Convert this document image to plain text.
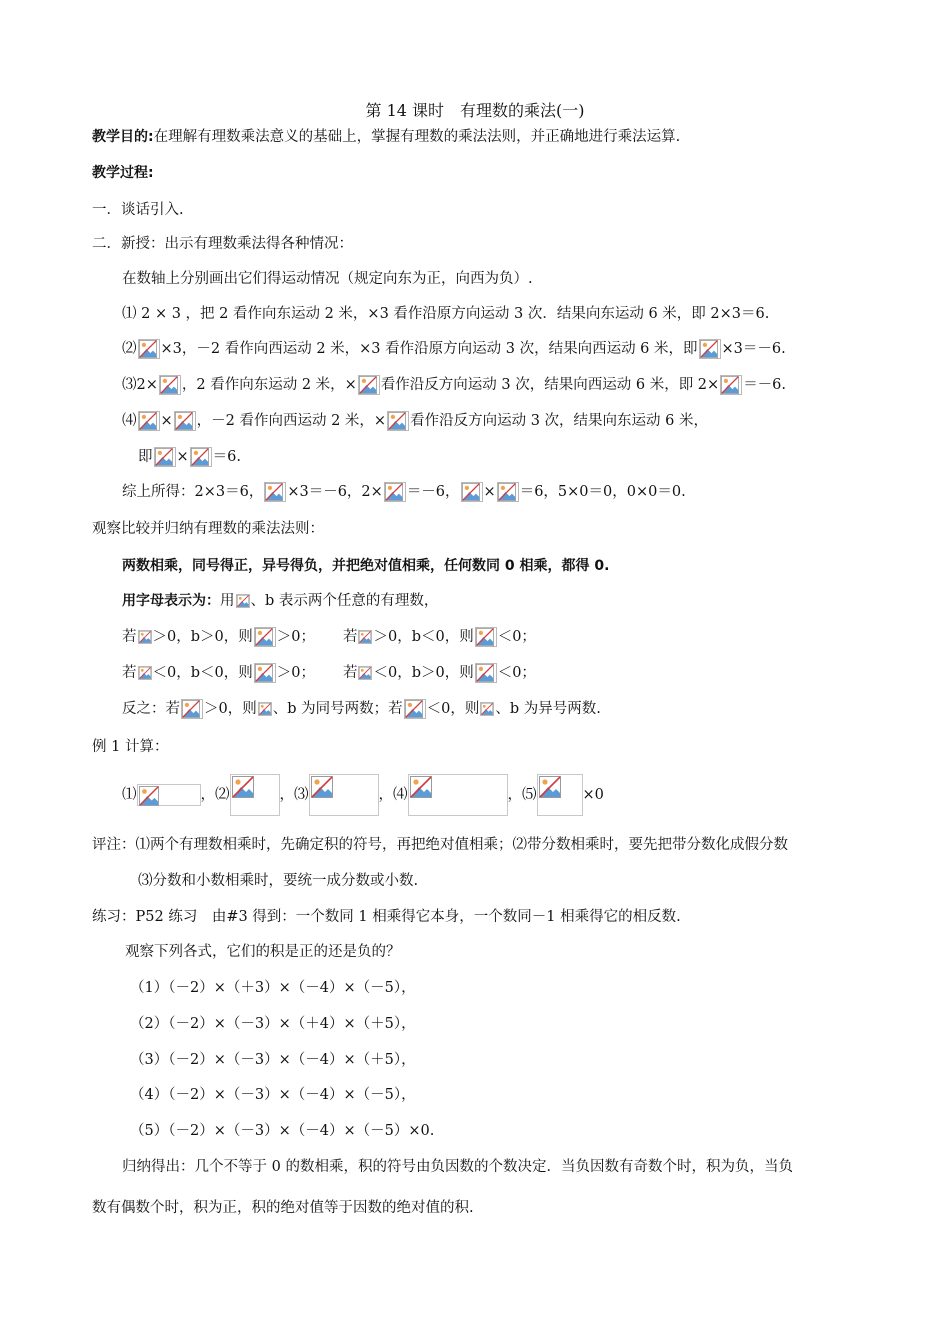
第 14 课时　有理数的乘法(一)
教学目的:在理解有理数乘法意义的基础上，掌握有理数的乘法法则，并正确地进行乘法运算.
教学过程:
一．谈话引入.
二．新授：出示有理数乘法得各种情况：
在数轴上分别画出它们得运动情况（规定向东为正，向西为负）.
⑴ 2 × 3 ，把 2 看作向东运动 2 米，×3 看作沿原方向运动 3 次．结果向东运动 6 米，即 2×3＝6.
⑵ ×3，－2 看作向西运动 2 米，×3 看作沿原方向运动 3 次，结果向西运动 6 米，即 ×3＝－6.
⑶2× ，2 看作向东运动 2 米，× 看作沿反方向运动 3 次，结果向西运动 6 米，即 2× ＝－6.
⑷ × ，－2 看作向西运动 2 米，× 看作沿反方向运动 3 次，结果向东运动 6 米，
即 × ＝6.
综上所得：2×3＝6， ×3＝－6，2× ＝－6， × ＝6，5×0＝0，0×0＝0.
观察比较并归纳有理数的乘法法则：
两数相乘，同号得正，异号得负，并把绝对值相乘，任何数同 0 相乘，都得 0.
用字母表示为：用 、b 表示两个任意的有理数，
若 ＞0，b＞0，则 ＞0； 若 ＞0，b＜0，则 ＜0；
若 ＜0，b＜0，则 ＞0； 若 ＜0，b＞0，则 ＜0；
反之：若 ＞0，则 、b 为同号两数；若 ＜0，则 、b 为异号两数.
例 1 计算：
⑴	，⑵	，⑶	，⑷	，⑸	×0
评注：⑴两个有理数相乘时，先确定积的符号，再把绝对值相乘；⑵带分数相乘时，要先把带分数化成假分数
⑶分数和小数相乘时，要统一成分数或小数.
练习：P52 练习　由#3 得到：一个数同 1 相乘得它本身，一个数同－1 相乘得它的相反数.
观察下列各式，它们的积是正的还是负的？
（1）（－2）×（＋3）×（－4）×（－5），
（2）（－2）×（－3）×（＋4）×（＋5），
（3）（－2）×（－3）×（－4）×（＋5），
（4）（－2）×（－3）×（－4）×（－5），
（5）（－2）×（－3）×（－4）×（－5）×0.
归纳得出：几个不等于 0 的数相乘，积的符号由负因数的个数决定．当负因数有奇数个时，积为负，当负
数有偶数个时，积为正，积的绝对值等于因数的绝对值的积.
